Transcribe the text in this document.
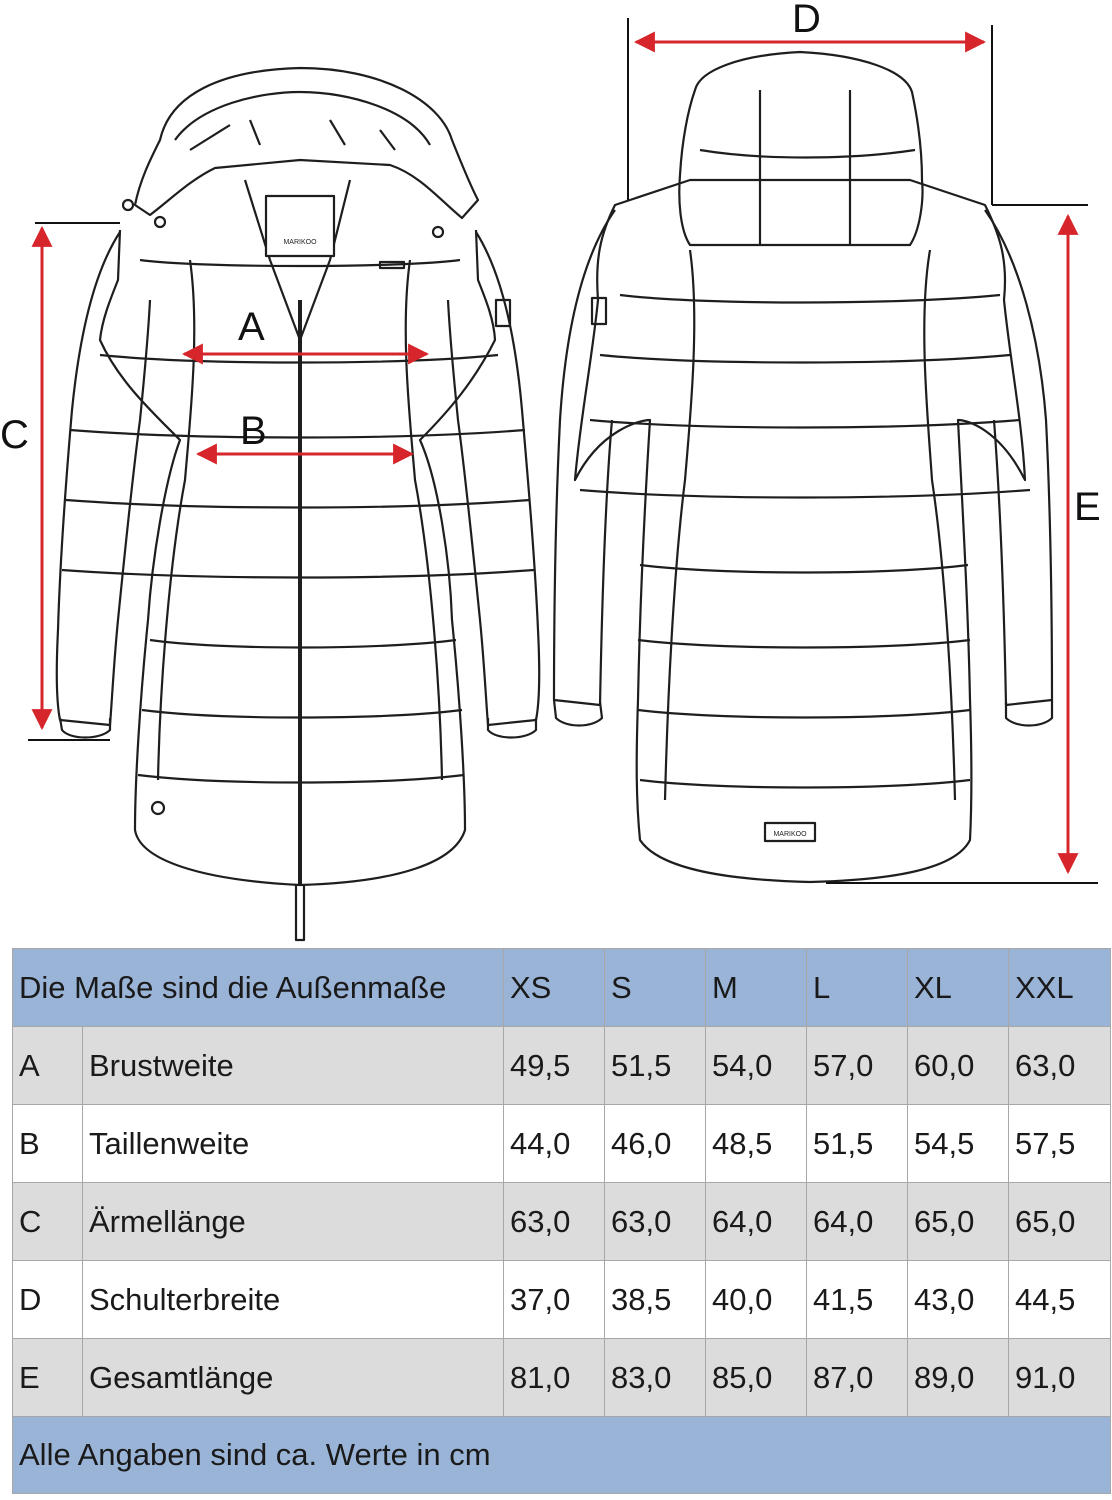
MARIKOO
MARIKOO
A
B
C
D
E
Die Maße sind die Außenmaße		XS	S	M	L	XL	XXL
A	Brustweite	49,5	51,5	54,0	57,0	60,0	63,0
B	Taillenweite	44,0	46,0	48,5	51,5	54,5	57,5
C	Ärmellänge	63,0	63,0	64,0	64,0	65,0	65,0
D	Schulterbreite	37,0	38,5	40,0	41,5	43,0	44,5
E	Gesamtlänge	81,0	83,0	85,0	87,0	89,0	91,0
Alle Angaben sind ca. Werte in cm							
